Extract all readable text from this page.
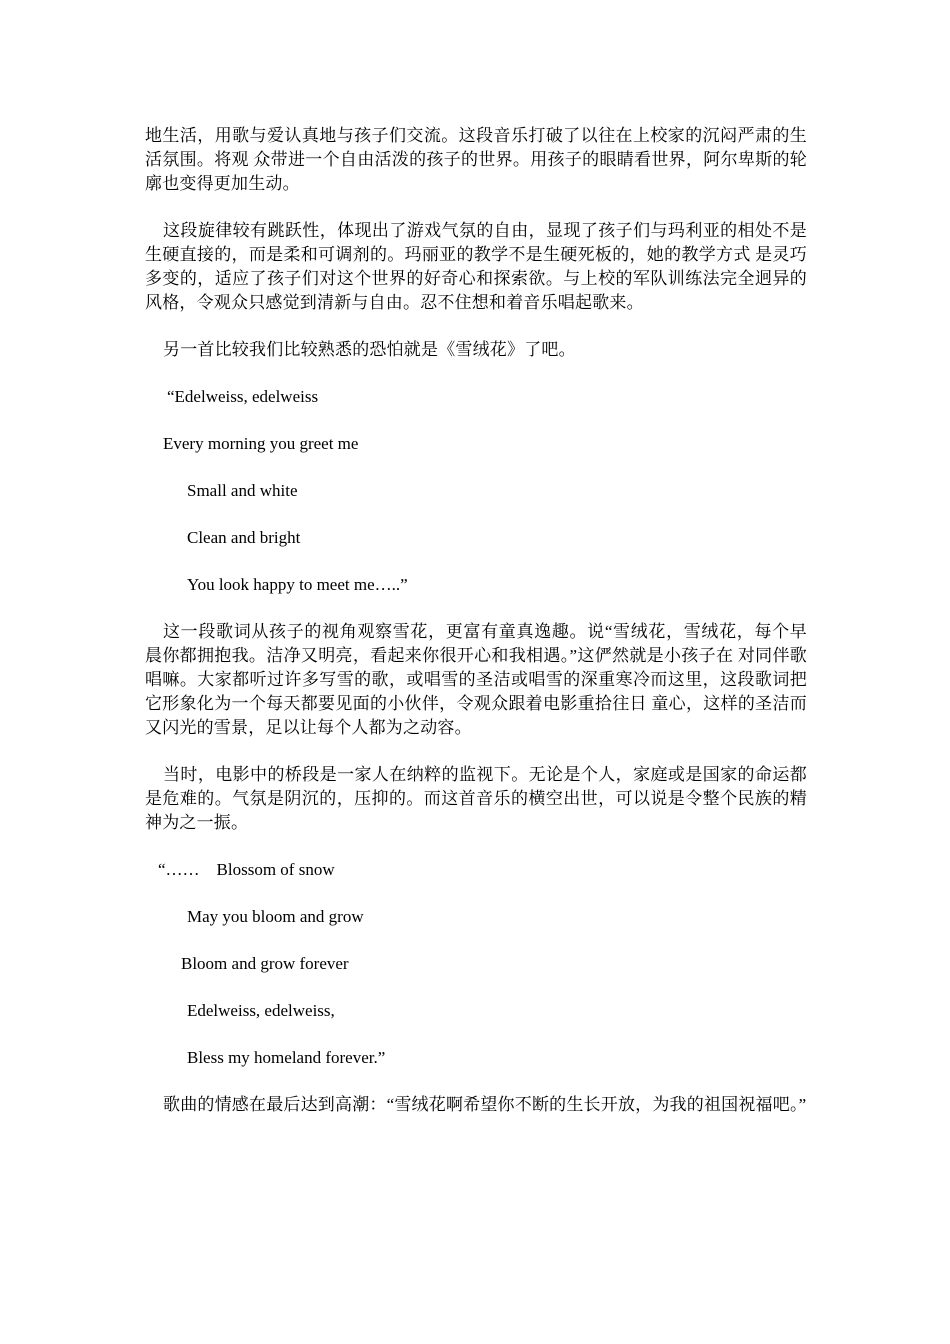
地生活，用歌与爱认真地与孩子们交流。这段音乐打破了以往在上校家的沉闷严肃的生活氛围。将观 众带进一个自由活泼的孩子的世界。用孩子的眼睛看世界，阿尔卑斯的轮廓也变得更加生动。

这段旋律较有跳跃性，体现出了游戏气氛的自由，显现了孩子们与玛利亚的相处不是生硬直接的，而是柔和可调剂的。玛丽亚的教学不是生硬死板的，她的教学方式 是灵巧多变的，适应了孩子们对这个世界的好奇心和探索欲。与上校的军队训练法完全迥异的风格，令观众只感觉到清新与自由。忍不住想和着音乐唱起歌来。

另一首比较我们比较熟悉的恐怕就是《雪绒花》了吧。

“Edelweiss, edelweiss
Every morning you greet me
Small and white
Clean and bright
You look happy to meet me…..”

这一段歌词从孩子的视角观察雪花，更富有童真逸趣。说“雪绒花，雪绒花，每个早晨你都拥抱我。洁净又明亮，看起来你很开心和我相遇。”这俨然就是小孩子在 对同伴歌唱嘛。大家都听过许多写雪的歌，或唱雪的圣洁或唱雪的深重寒冷而这里，这段歌词把它形象化为一个每天都要见面的小伙伴，令观众跟着电影重拾往日 童心，这样的圣洁而又闪光的雪景，足以让每个人都为之动容。

当时，电影中的桥段是一家人在纳粹的监视下。无论是个人，家庭或是国家的命运都是危难的。气氛是阴沉的，压抑的。而这首音乐的横空出世，可以说是令整个民族的精神为之一振。

“……    Blossom of snow
May you bloom and grow
Bloom and grow forever
Edelweiss, edelweiss,
Bless my homeland forever.”

歌曲的情感在最后达到高潮：“雪绒花啊希望你不断的生长开放，为我的祖国祝福吧。”
